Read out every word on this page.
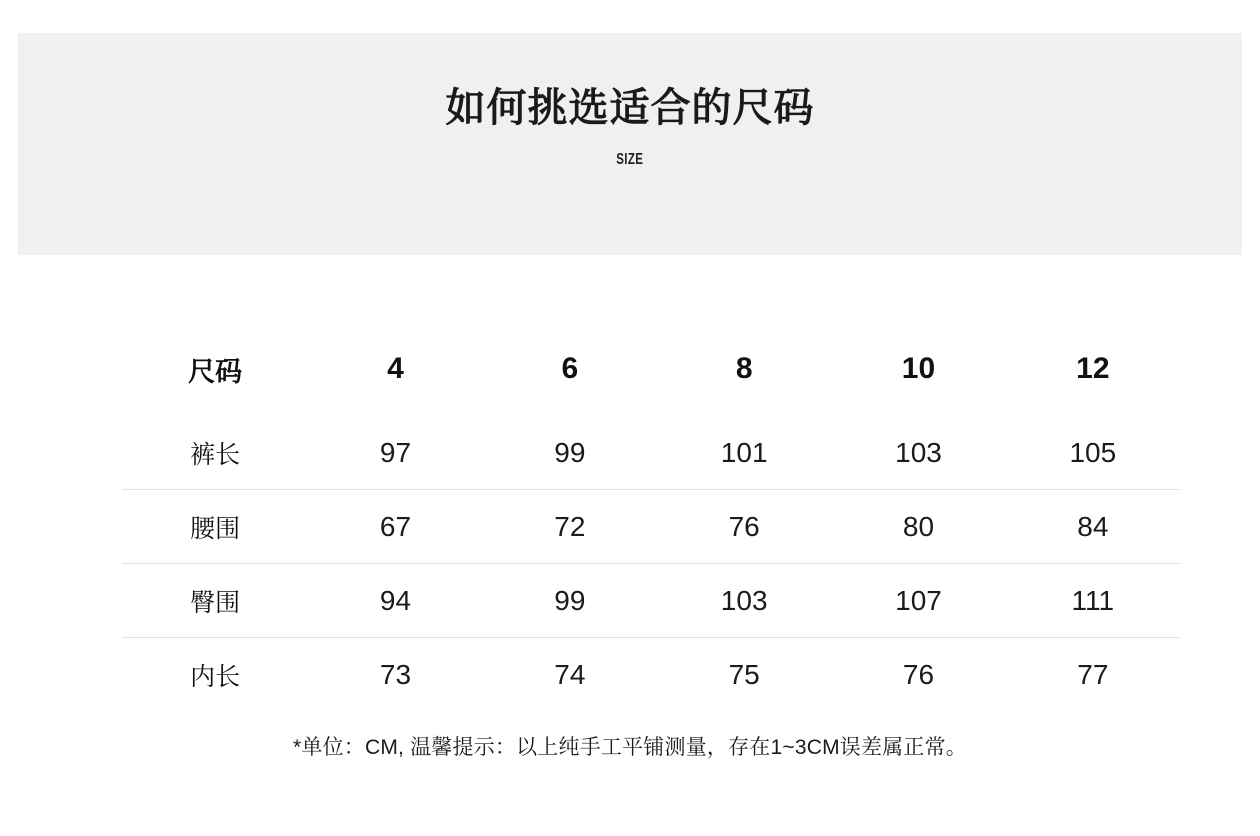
如何挑选适合的尺码
SIZE
尺码	4	6	8	10	12
裤长	97	99	101	103	105
腰围	67	72	76	80	84
臀围	94	99	103	107	111
内长	73	74	75	76	77
*单位：CM, 温馨提示：以上纯手工平铺测量，存在1~3CM误差属正常。
